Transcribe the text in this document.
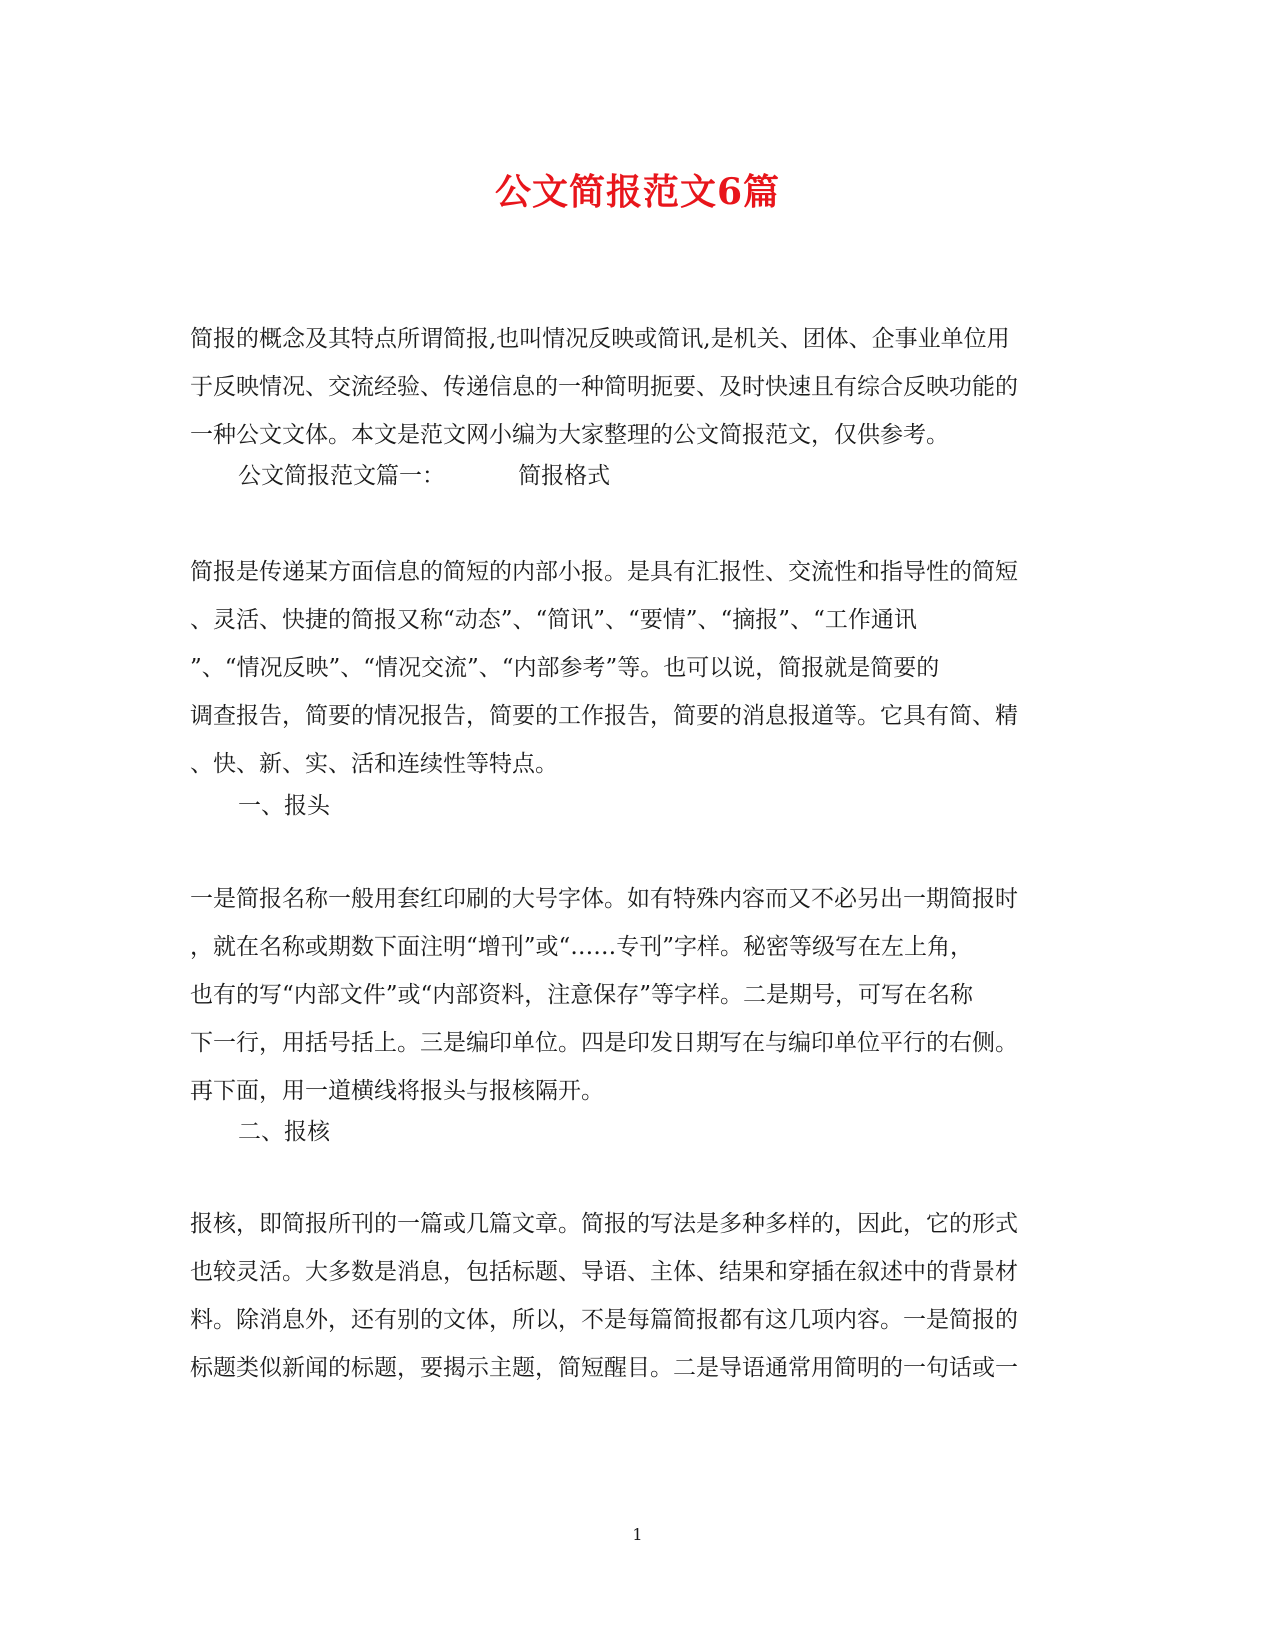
公文简报范文6篇

简报的概念及其特点所谓简报,也叫情况反映或简讯,是机关、团体、企事业单位用

于反映情况、交流经验、传递信息的一种简明扼要、及时快速且有综合反映功能的

一种公文文体。本文是范文网小编为大家整理的公文简报范文，仅供参考。

公文简报范文篇一：          简报格式

简报是传递某方面信息的简短的内部小报。是具有汇报性、交流性和指导性的简短

、灵活、快捷的简报又称“动态”、“简讯”、“要情”、“摘报”、“工作通讯

”、“情况反映”、“情况交流”、“内部参考”等。也可以说，简报就是简要的

调查报告，简要的情况报告，简要的工作报告，简要的消息报道等。它具有简、精

、快、新、实、活和连续性等特点。

一、报头

一是简报名称一般用套红印刷的大号字体。如有特殊内容而又不必另出一期简报时

，就在名称或期数下面注明“增刊”或“……专刊”字样。秘密等级写在左上角，

也有的写“内部文件”或“内部资料，注意保存”等字样。二是期号，可写在名称

下一行，用括号括上。三是编印单位。四是印发日期写在与编印单位平行的右侧。

再下面，用一道横线将报头与报核隔开。

二、报核

报核，即简报所刊的一篇或几篇文章。简报的写法是多种多样的，因此，它的形式

也较灵活。大多数是消息，包括标题、导语、主体、结果和穿插在叙述中的背景材

料。除消息外，还有别的文体，所以，不是每篇简报都有这几项内容。一是简报的

标题类似新闻的标题，要揭示主题，简短醒目。二是导语通常用简明的一句话或一

1
